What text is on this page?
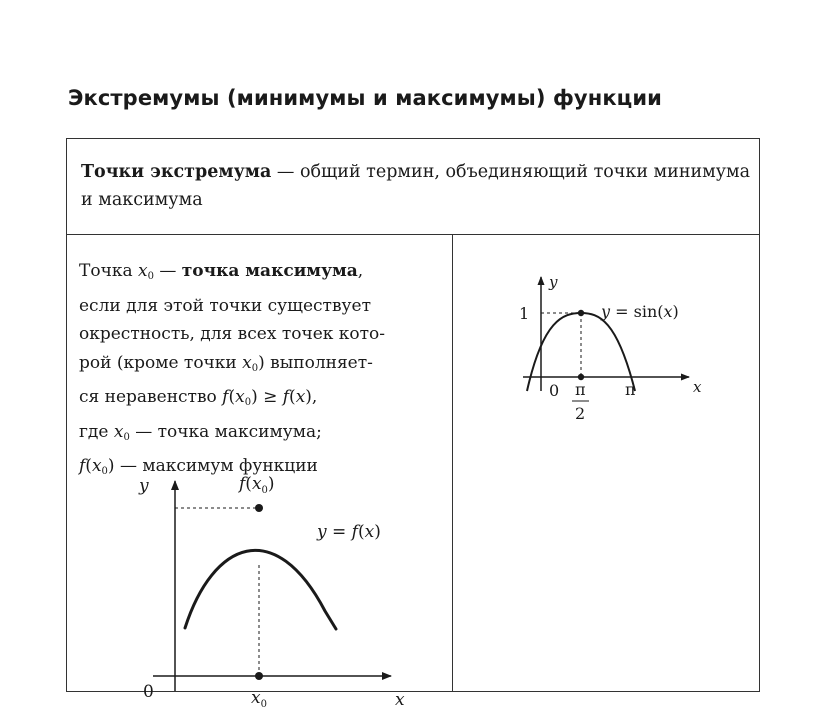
Экстремумы (минимумы и максимумы) функции
Точки экстремума — общий термин, объединяющий точки минимума и максимума
Точка $x_0$ — точка максимума,
если для этой точки существует
окрестность, для всех точек кото-
рой (кроме точки $x_0$) выполняет-
ся неравенство $f(x_0) \ge f(x)$,
где $x_0$ — точка максимума;
$f(x_0)$ — максимум функции
y
x
0
$f(x_0)$
y = f(x)
$x_0$
y
x
0
1
π
π
2
y = sin(x)
